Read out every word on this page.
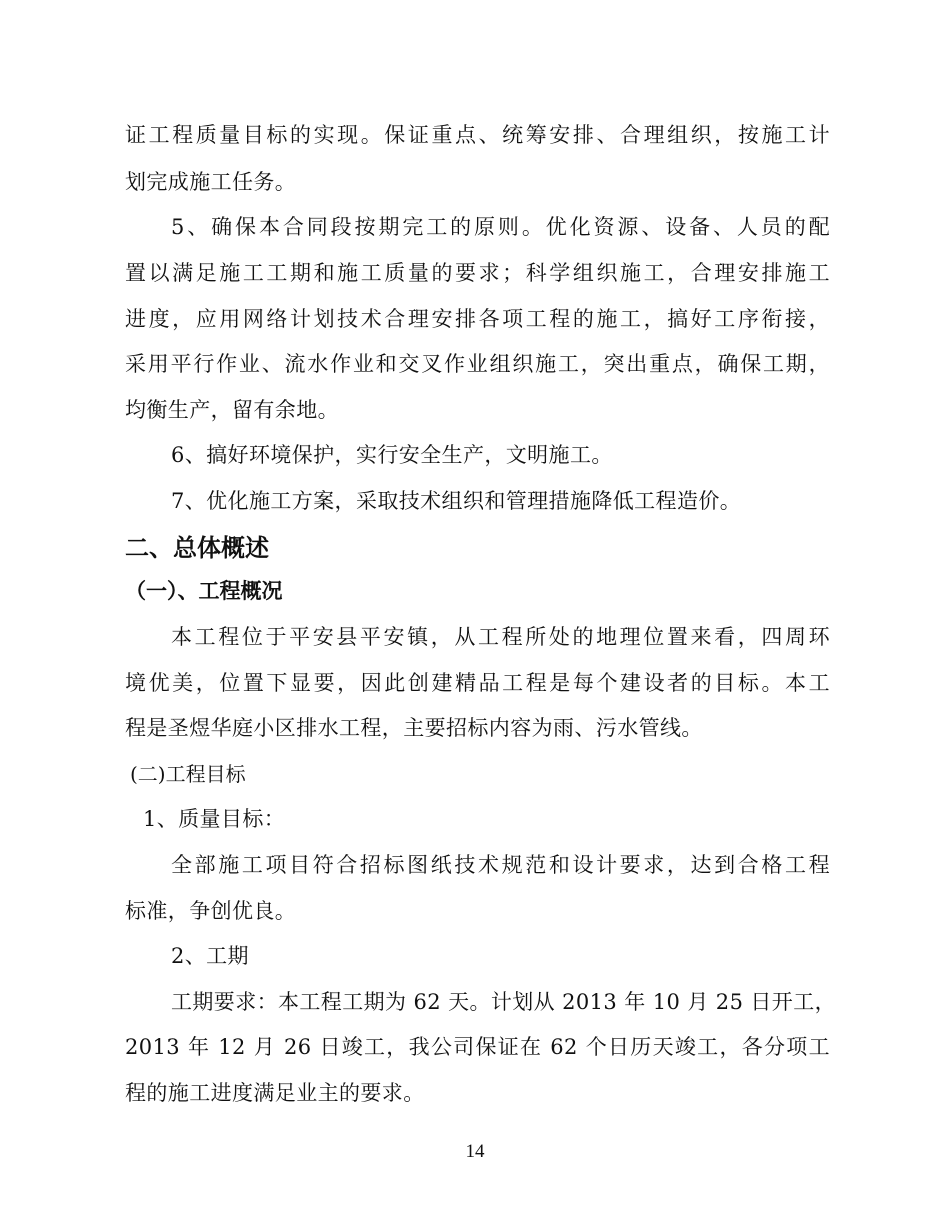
证工程质量目标的实现。保证重点、统筹安排、合理组织，按施工计
划完成施工任务。
5、确保本合同段按期完工的原则。优化资源、设备、人员的配
置以满足施工工期和施工质量的要求；科学组织施工，合理安排施工
进度，应用网络计划技术合理安排各项工程的施工，搞好工序衔接，
采用平行作业、流水作业和交叉作业组织施工，突出重点，确保工期，
均衡生产，留有余地。
6、搞好环境保护，实行安全生产，文明施工。
7、优化施工方案，采取技术组织和管理措施降低工程造价。
二、总体概述
（一）、工程概况
本工程位于平安县平安镇，从工程所处的地理位置来看，四周环
境优美，位置下显要，因此创建精品工程是每个建设者的目标。本工
程是圣煜华庭小区排水工程，主要招标内容为雨、污水管线。
(二)工程目标
1、质量目标：
全部施工项目符合招标图纸技术规范和设计要求，达到合格工程
标准，争创优良。
2、工期
工期要求：本工程工期为 62 天。计划从 2013 年 10 月 25 日开工，
2013 年 12 月 26 日竣工，我公司保证在 62 个日历天竣工，各分项工
程的施工进度满足业主的要求。
14
